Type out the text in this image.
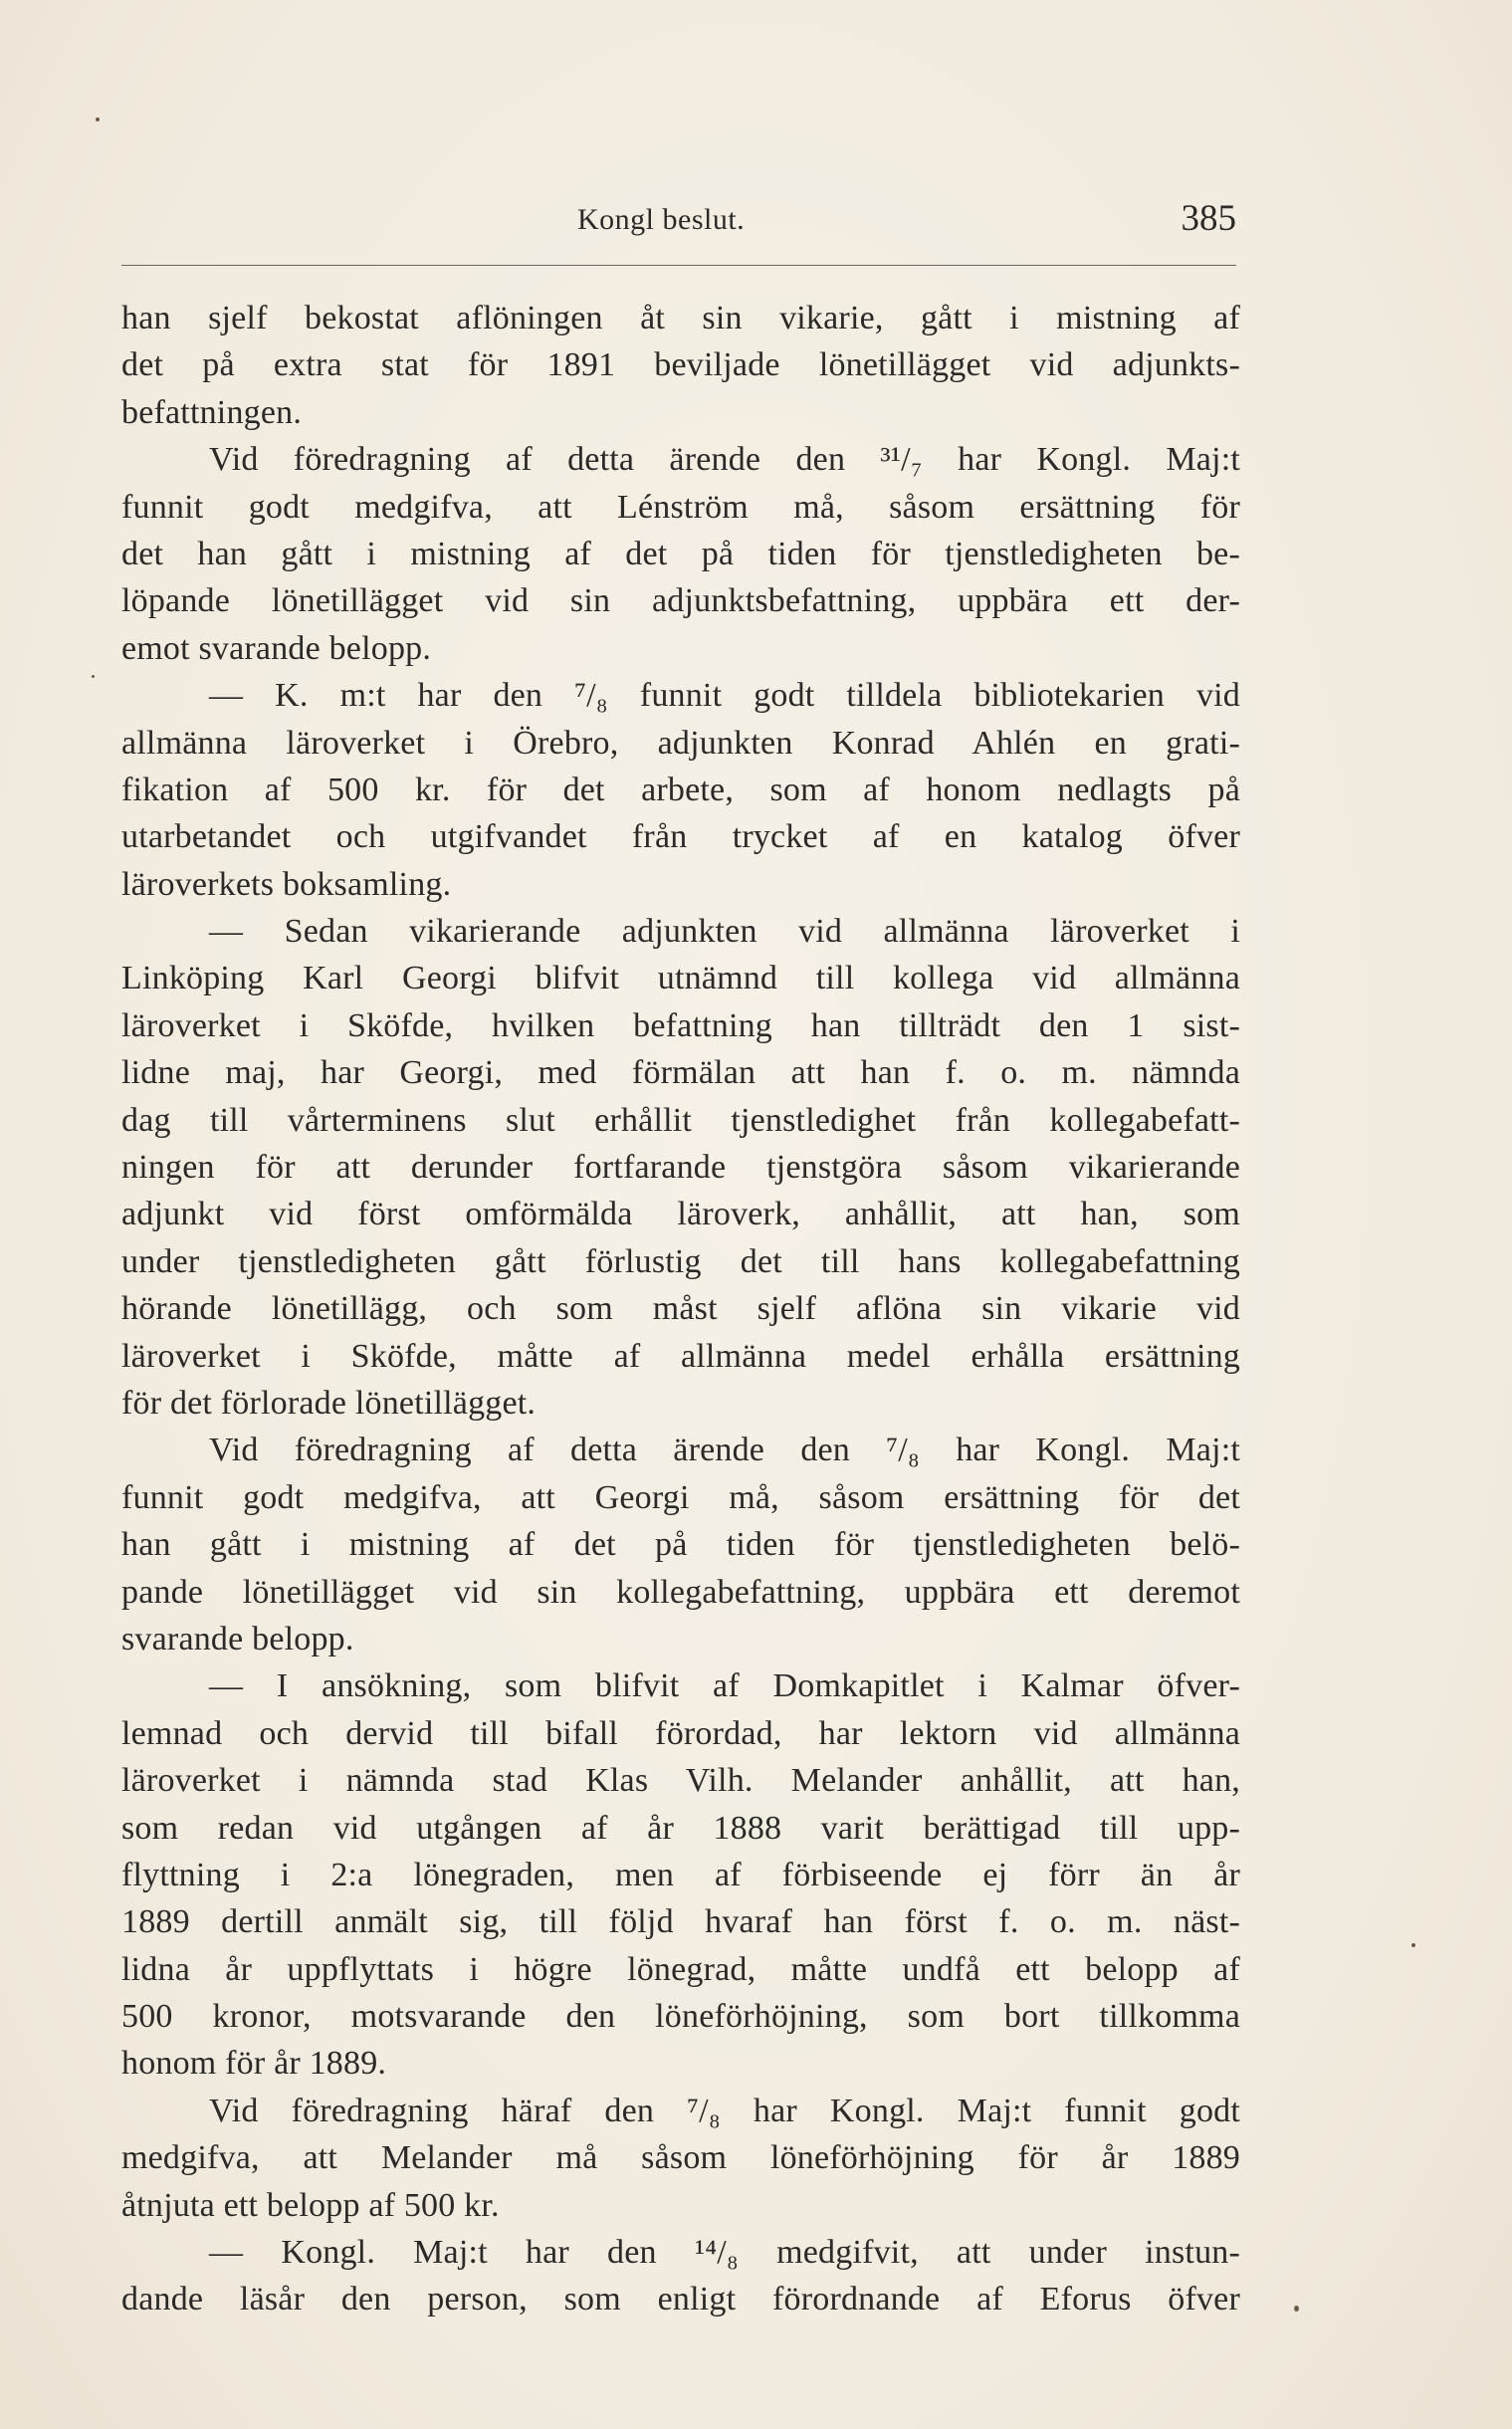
Kongl beslut.	385
han sjelf bekostat aflöningen åt sin vikarie, gått i mistning af
det på extra stat för 1891 beviljade lönetillägget vid adjunkts-
befattningen.
Vid föredragning af detta ärende den ³¹/₇ har Kongl. Maj:t
funnit godt medgifva, att Lénström må, såsom ersättning för
det han gått i mistning af det på tiden för tjenstledigheten be-
löpande lönetillägget vid sin adjunktsbefattning, uppbära ett der-
emot svarande belopp.
— K. m:t har den ⁷/₈ funnit godt tilldela bibliotekarien vid
allmänna läroverket i Örebro, adjunkten Konrad Ahlén en grati-
fikation af 500 kr. för det arbete, som af honom nedlagts på
utarbetandet och utgifvandet från trycket af en katalog öfver
läroverkets boksamling.
— Sedan vikarierande adjunkten vid allmänna läroverket i
Linköping Karl Georgi blifvit utnämnd till kollega vid allmänna
läroverket i Sköfde, hvilken befattning han tillträdt den 1 sist-
lidne maj, har Georgi, med förmälan att han f. o. m. nämnda
dag till vårterminens slut erhållit tjenstledighet från kollegabefatt-
ningen för att derunder fortfarande tjenstgöra såsom vikarierande
adjunkt vid först omförmälda läroverk, anhållit, att han, som
under tjenstledigheten gått förlustig det till hans kollegabefattning
hörande lönetillägg, och som måst sjelf aflöna sin vikarie vid
läroverket i Sköfde, måtte af allmänna medel erhålla ersättning
för det förlorade lönetillägget.
Vid föredragning af detta ärende den ⁷/₈ har Kongl. Maj:t
funnit godt medgifva, att Georgi må, såsom ersättning för det
han gått i mistning af det på tiden för tjenstledigheten belö-
pande lönetillägget vid sin kollegabefattning, uppbära ett deremot
svarande belopp.
— I ansökning, som blifvit af Domkapitlet i Kalmar öfver-
lemnad och dervid till bifall förordad, har lektorn vid allmänna
läroverket i nämnda stad Klas Vilh. Melander anhållit, att han,
som redan vid utgången af år 1888 varit berättigad till upp-
flyttning i 2:a lönegraden, men af förbiseende ej förr än år
1889 dertill anmält sig, till följd hvaraf han först f. o. m. näst-
lidna år uppflyttats i högre lönegrad, måtte undfå ett belopp af
500 kronor, motsvarande den löneförhöjning, som bort tillkomma
honom för år 1889.
Vid föredragning häraf den ⁷/₈ har Kongl. Maj:t funnit godt
medgifva, att Melander må såsom löneförhöjning för år 1889
åtnjuta ett belopp af 500 kr.
— Kongl. Maj:t har den ¹⁴/₈ medgifvit, att under instun-
dande läsår den person, som enligt förordnande af Eforus öfver
